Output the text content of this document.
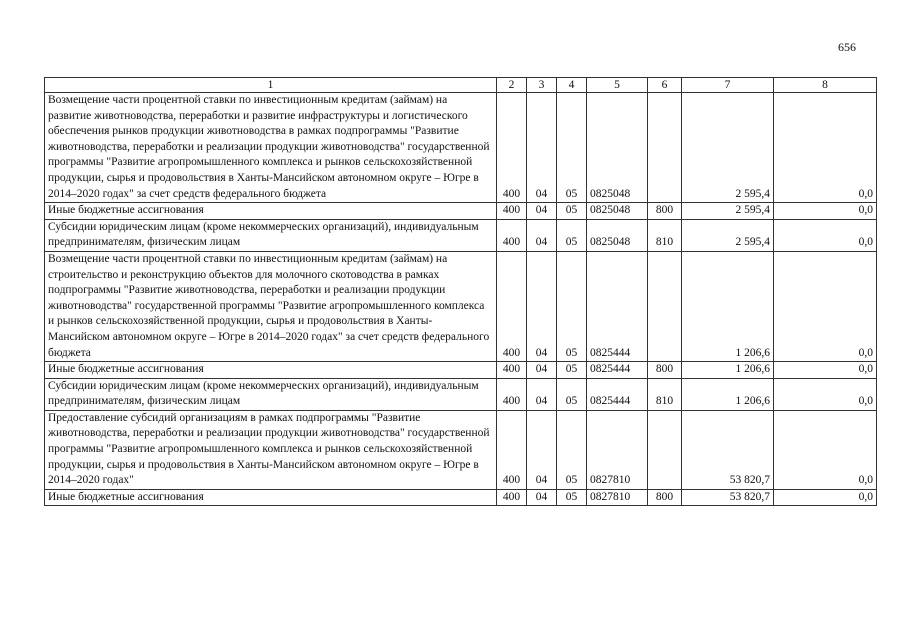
656
1	2	3	4	5	6	7	8
Возмещение части процентной ставки по инвестиционным кредитам (займам) на развитие животноводства, переработки и развитие инфраструктуры и логистического обеспечения рынков продукции животноводства в рамках подпрограммы "Развитие животноводства, переработки и реализации продукции животноводства" государственной программы "Развитие агропромышленного комплекса и рынков сельскохозяйственной продукции, сырья и продовольствия в Ханты-Мансийском автономном округе – Югре в 2014–2020 годах" за счет средств федерального бюджета	400	04	05	0825048		2 595,4	0,0
Иные бюджетные ассигнования	400	04	05	0825048	800	2 595,4	0,0
Субсидии юридическим лицам (кроме некоммерческих организаций), индивидуальным предпринимателям, физическим лицам	400	04	05	0825048	810	2 595,4	0,0
Возмещение части процентной ставки по инвестиционным кредитам (займам) на строительство и реконструкцию объектов для молочного скотоводства в рамках подпрограммы "Развитие животноводства, переработки и реализации продукции животноводства" государственной программы "Развитие агропромышленного комплекса и рынков сельскохозяйственной продукции, сырья и продовольствия в Ханты-Мансийском автономном округе – Югре в 2014–2020 годах" за счет средств федерального бюджета	400	04	05	0825444		1 206,6	0,0
Иные бюджетные ассигнования	400	04	05	0825444	800	1 206,6	0,0
Субсидии юридическим лицам (кроме некоммерческих организаций), индивидуальным предпринимателям, физическим лицам	400	04	05	0825444	810	1 206,6	0,0
Предоставление субсидий организациям в рамках подпрограммы "Развитие животноводства, переработки и реализации продукции животноводства" государственной программы "Развитие агропромышленного комплекса и рынков сельскохозяйственной продукции, сырья и продовольствия в Ханты-Мансийском автономном округе – Югре в 2014–2020 годах"	400	04	05	0827810		53 820,7	0,0
Иные бюджетные ассигнования	400	04	05	0827810	800	53 820,7	0,0
